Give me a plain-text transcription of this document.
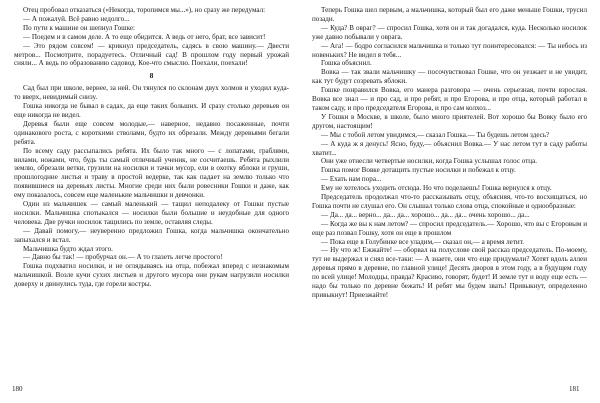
Отец пробовал отказаться («Некогда, торопимся мы...»), но сразу же передумал:

— А пожалуй. Всё равно недолго...

По пути к машине он шепнул Гошке:

— Поедем и в самом деле. А то еще обидится. А ведь от него, брат, все зависит!

— Это рядом совсем! — крикнул председатель, садясь в свою машину.— Двести метров... Посмотрите, порадуетесь. Отличный сад! В прошлом году первый урожай сняли... А ведь по образованию садовод. Кое-что смыслю. Поехали, поехали!

8

Сад был при школе, вернее, за ней. Он тянулся по склонам двух холмов и уходил куда-то вверх, невидимый снизу.

Гошка никогда не бывал в садах, да еще таких больших. И сразу столько деревьев он еще никогда не видел.

Деревья были еще совсем молодые,— наверное, недавно посаженные, почти одинакового роста, с короткими стволами, будто их обрезали. Между деревьями бегали ребята.

По всему саду рассыпались ребята. Их было так много — с лопатами, граблями, вилами, ножами, что, будь ты самый отличный ученик, не сосчитаешь. Ребята рыхлили землю, обрезали ветки, грузили на носилки и тачки мусор, ели в охотку яблоки и груши, прошлогодние листья и траву в простой ведерке, так как падает на землю только что появившиеся на деревьях листы. Многие среди них были ровесники Гошки и даже, как ему показалось, совсем еще маленькие мальчишки и девчонки.

Один из мальчишек — самый маленький — тащил неподалеку от Гошки пустые носилки. Мальчишка спотыкался — носилки были большие и неудобные для одного человека. Две ручки носилок тащились по земле, оставляя следы.

— Давай помогу,— неуверенно предложил Гошка, когда мальчишка окончательно запыхался и встал.

Мальчишка будто ждал этого.

— Давно бы так! — пробурчал он.— А то глазеть легче простого!

Гошка подхватил носилки, и не оглядываясь на отца, побежал вперед с незнакомым мальчишкой. Возле кучи сухих листьев и другого мусора они рукам нагрузили носилки доверху и двинулись туда, где горели костры.

Теперь Гошка шел первым, а мальчишка, который был его даже меньше Гошки, трусил позади.

— Куда? В овраг? — спросил Гошка, хотя он и так догадался, куда. Несколько носилок уже давно побывали у оврага.

— Ага! — бодро согласился мальчишка и только тут поинтересовался: — Ты небось из новеньких? Не видел я тебя...

Гошка объяснил.

Вовка — так звали мальчишку — посочувствовал Гошке, что он уезжает и не увидит, как тут будут созревать яблоки.

Гошке понравился Вовка, его манера разговора — очень серьезная, почти взрослая. Вовка все знал — и про сад, и про ребят, и про Егорова, и про отца, который работал в таком саду, и про председателя Егорова, и про сам колхоз...

У Гошки в Москве, в школе, было много приятелей. Вот хорошо бы Вовку было его другом, настоящим!

— Мы с тобой летом увидимся,— сказал Гошка.— Ты будешь летом здесь?

— А куда ж я денусь! Ясно, буду,— объяснил Вовка.— У нас летом тут в саду работы хватит...

Они уже отнесли четвертые носилки, когда Гошка услышал голос отца.

Гошка помог Вовке дотащить пустые носилки и побежал к отцу.

— Ехать нам пора...

Ему не хотелось уходить отсюда. Но что поделаешь! Гошка вернулся к отцу.

Председатель продолжал что-то рассказывать отцу, объясняя, что-то восхищаться, но Гошка почти не слушал его. Он слышал только слова отца, спокойные и однообразные:

— Да... да... верно... да... да... хорошо... да... да... очень хорошо... да...

— Когда же вы к нам летом? — спросил председатель.— Хорошо, что вы с Егоровым и еще раз позвал Гошку, хотя он еще в прошлом

— Пока еще в Голубинке все уладим,— сказал он,— а время летит.

— Ну что ж! Ежжайте! — оборвал на полуслове свой рассказ председатель. По-моему, тут не выдержал и снял все-таки: — А знаете, они что еще придумали? Хотят вдоль аллеи деревья прямо в деревне, по главной улице! Десять дворов в этом году, а в будущем году по всей улице! Молодцы, правда? Красиво, говорят, будет! И земле тут и воду еще есть — надо бы только по деревне бежать! И ребят мы будем звать! Привыкнут, определенно привыкнут! Приезжайте!

180	181
